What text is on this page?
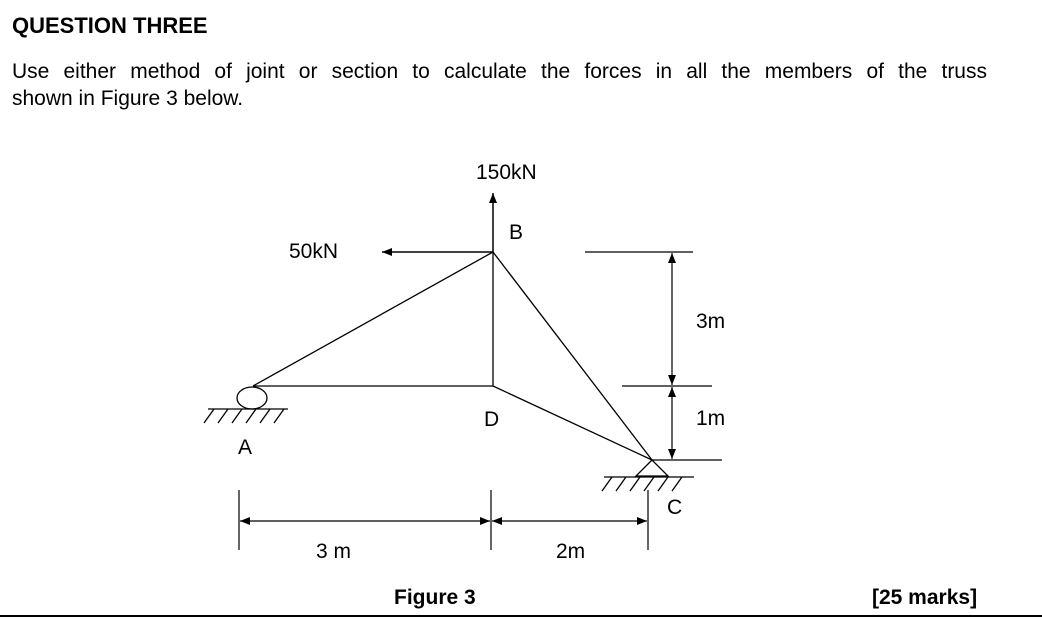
QUESTION THREE

Use either method of joint or section to calculate the forces in all the members of the truss
shown in Figure 3 below.

150kN
50kN
B
A
D
C
3m
1m
3 m	2m
Figure 3	[25 marks]
